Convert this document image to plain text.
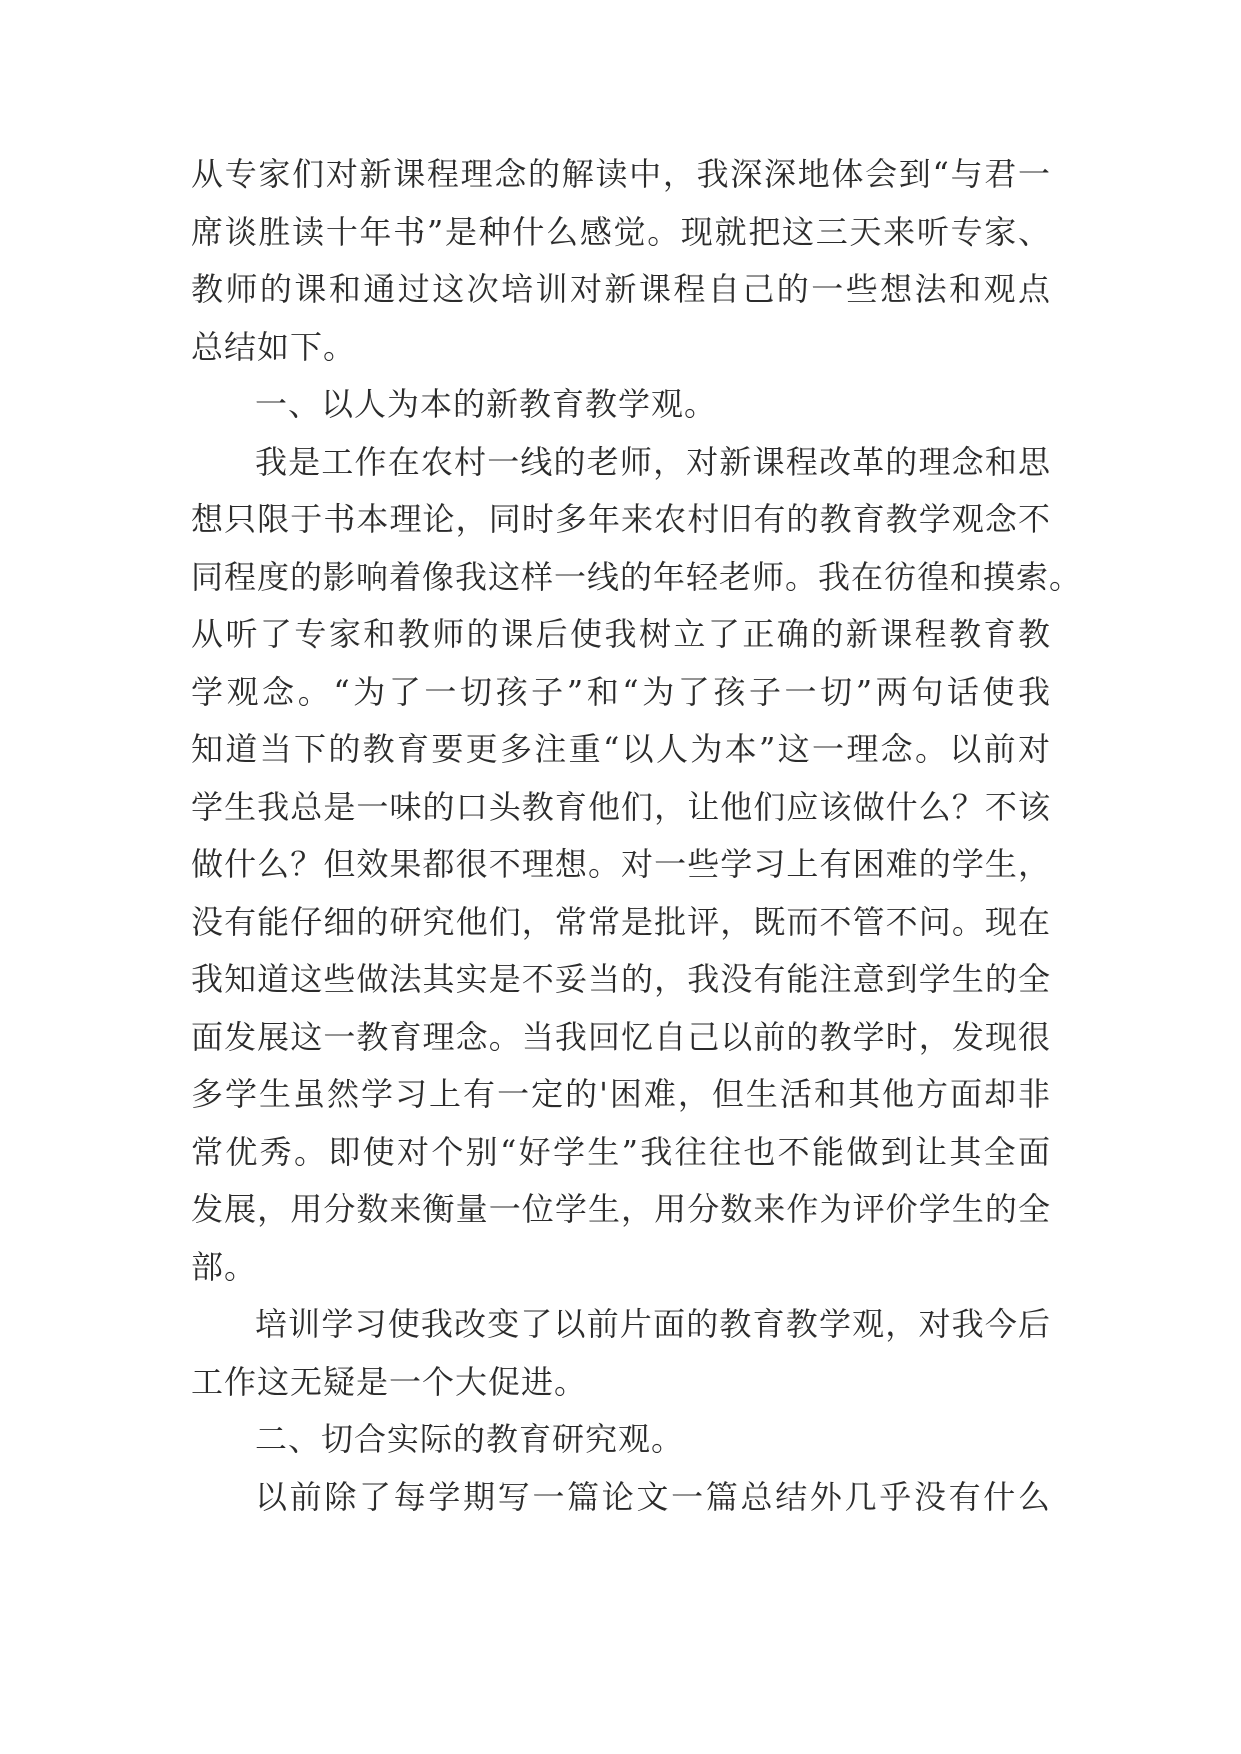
从专家们对新课程理念的解读中，我深深地体会到“与君一
席谈胜读十年书”是种什么感觉。现就把这三天来听专家、
教师的课和通过这次培训对新课程自己的一些想法和观点
总结如下。
一、以人为本的新教育教学观。
我是工作在农村一线的老师，对新课程改革的理念和思
想只限于书本理论，同时多年来农村旧有的教育教学观念不
同程度的影响着像我这样一线的年轻老师。我在彷徨和摸索。
从听了专家和教师的课后使我树立了正确的新课程教育教
学观念。“为了一切孩子”和“为了孩子一切”两句话使我
知道当下的教育要更多注重“以人为本”这一理念。以前对
学生我总是一味的口头教育他们，让他们应该做什么？不该
做什么？但效果都很不理想。对一些学习上有困难的学生，
没有能仔细的研究他们，常常是批评，既而不管不问。现在
我知道这些做法其实是不妥当的，我没有能注意到学生的全
面发展这一教育理念。当我回忆自己以前的教学时，发现很
多学生虽然学习上有一定的'困难，但生活和其他方面却非
常优秀。即使对个别“好学生”我往往也不能做到让其全面
发展，用分数来衡量一位学生，用分数来作为评价学生的全
部。
培训学习使我改变了以前片面的教育教学观，对我今后
工作这无疑是一个大促进。
二、切合实际的教育研究观。
以前除了每学期写一篇论文一篇总结外几乎没有什么
